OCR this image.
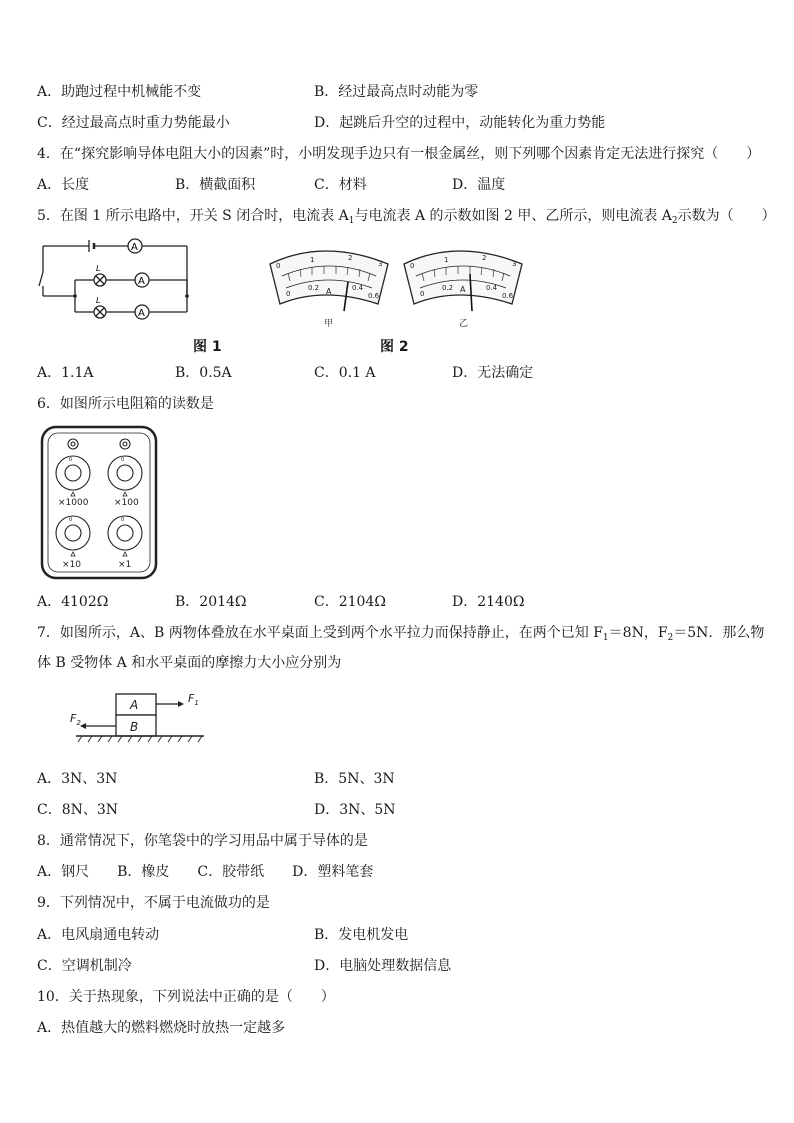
A．助跑过程中机械能不变	B．经过最高点时动能为零
C．经过最高点时重力势能最小	D．起跳后升空的过程中，动能转化为重力势能
4．在“探究影响导体电阻大小的因素”时，小明发现手边只有一根金属丝，则下列哪个因素肯定无法进行探究（　　）
A．长度	B．横截面积	C．材料	D．温度
5．在图 1 所示电路中，开关 S 闭合时，电流表 $A_1$与电流表 A 的示数如图 2 甲、乙所示，则电流表 $A_2$示数为（　　）
A
A
A
L
L
图 1
0
1	2
3
0
0.2	0.4
0.6
0
1	2
3
0
0.2	0.4
0.6
A	A
甲	乙
图 2
A．1.1A	B．0.5A	C．0.1 A	D．无法确定
6．如图所示电阻箱的读数是
0	0
0	0
×1000	×100
×10	×1
A．4102Ω	B．2014Ω	C．2104Ω	D．2140Ω
7．如图所示，A、B 两物体叠放在水平桌面上受到两个水平拉力而保持静止，在两个已知 $F_1=8N$，$F_2=5N$．那么物
体 B 受物体 A 和水平桌面的摩擦力大小应分别为
A
B
$F_1$
$F_2$
A．3N、3N	B．5N、3N
C．8N、3N	D．3N、5N
8．通常情况下，你笔袋中的学习用品中属于导体的是
A．钢尺　　B．橡皮　　C．胶带纸　　D．塑料笔套
9．下列情况中，不属于电流做功的是
A．电风扇通电转动	B．发电机发电
C．空调机制冷	D．电脑处理数据信息
10．关于热现象，下列说法中正确的是（　　）
A．热值越大的燃料燃烧时放热一定越多
